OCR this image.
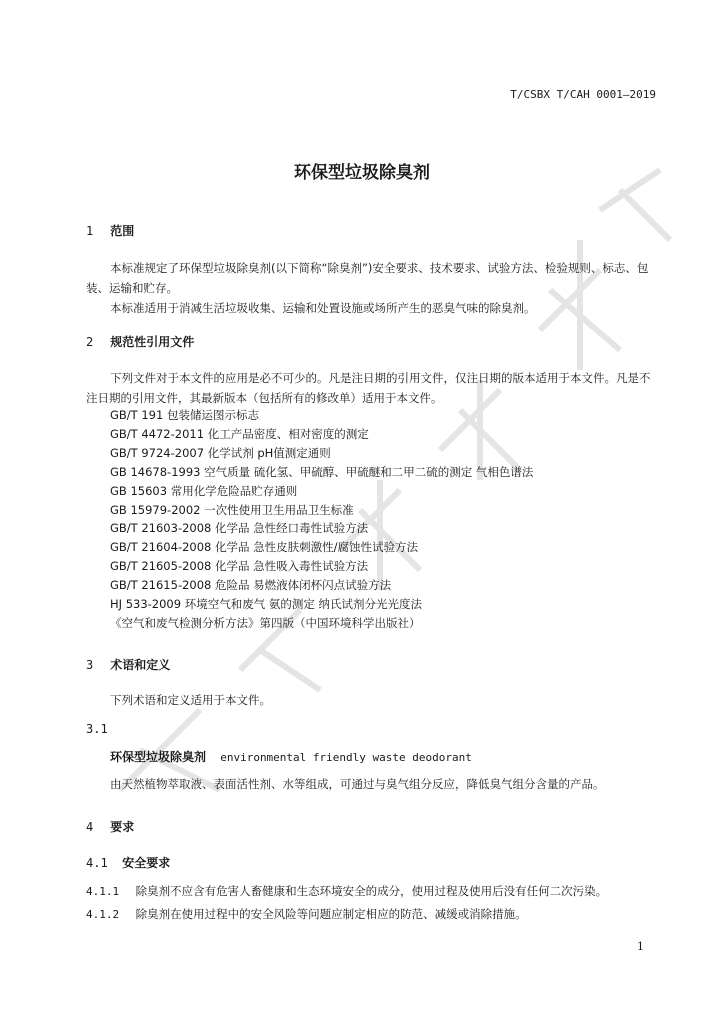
T/CSBX T/CAH 0001—2019
环保型垃圾除臭剂
1 范围

本标准规定了环保型垃圾除臭剂(以下简称“除臭剂”)安全要求、技术要求、试验方法、检验规则、标志、包装、运输和贮存。

本标准适用于消减生活垃圾收集、运输和处置设施或场所产生的恶臭气味的除臭剂。

2 规范性引用文件

下列文件对于本文件的应用是必不可少的。凡是注日期的引用文件，仅注日期的版本适用于本文件。凡是不注日期的引用文件，其最新版本（包括所有的修改单）适用于本文件。

GB/T 191 包装储运图示标志
GB/T 4472-2011 化工产品密度、相对密度的测定
GB/T 9724-2007 化学试剂 pH值测定通则
GB 14678-1993 空气质量 硫化氢、甲硫醇、甲硫醚和二甲二硫的测定 气相色谱法
GB 15603 常用化学危险品贮存通则
GB 15979-2002 一次性使用卫生用品卫生标准
GB/T 21603-2008 化学品 急性经口毒性试验方法
GB/T 21604-2008 化学品 急性皮肤刺激性/腐蚀性试验方法
GB/T 21605-2008 化学品 急性吸入毒性试验方法
GB/T 21615-2008 危险品 易燃液体闭杯闪点试验方法
HJ 533-2009 环境空气和废气 氨的测定 纳氏试剂分光光度法
《空气和废气检测分析方法》第四版（中国环境科学出版社）
3 术语和定义

下列术语和定义适用于本文件。

3.1
环保型垃圾除臭剂 environmental friendly waste deodorant

由天然植物萃取液、表面活性剂、水等组成，可通过与臭气组分反应，降低臭气组分含量的产品。

4 要求
4.1 安全要求
4.1.1 除臭剂不应含有危害人畜健康和生态环境安全的成分，使用过程及使用后没有任何二次污染。
4.1.2 除臭剂在使用过程中的安全风险等问题应制定相应的防范、减缓或消除措施。
1
